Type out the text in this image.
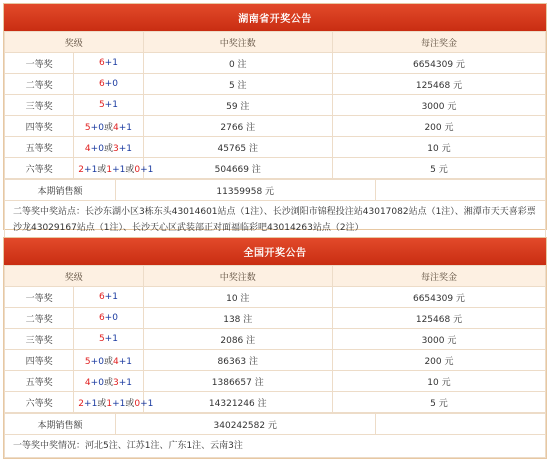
湖南省开奖公告
奖级		中奖注数	每注奖金
一等奖	6+1	0 注	6654309 元
二等奖	6+0	5 注	125468 元
三等奖	5+1	59 注	3000 元
四等奖	5+0或4+1	2766 注	200 元
五等奖	4+0或3+1	45765 注	10 元
六等奖	2+1或1+1或0+1	504669 注	5 元
本期销售额	11359958 元	
二等奖中奖站点：长沙东湖小区3栋东头43014601站点（1注）、长沙浏阳市锦程投注站43017082站点（1注）、湘潭市天天喜彩票沙龙43029167站点（1注）、长沙天心区武装部正对面福临彩吧43014263站点（2注）
全国开奖公告
奖级		中奖注数	每注奖金
一等奖	6+1	10 注	6654309 元
二等奖	6+0	138 注	125468 元
三等奖	5+1	2086 注	3000 元
四等奖	5+0或4+1	86363 注	200 元
五等奖	4+0或3+1	1386657 注	10 元
六等奖	2+1或1+1或0+1	14321246 注	5 元
本期销售额	340242582 元	
一等奖中奖情况：河北5注、江苏1注、广东1注、云南3注
